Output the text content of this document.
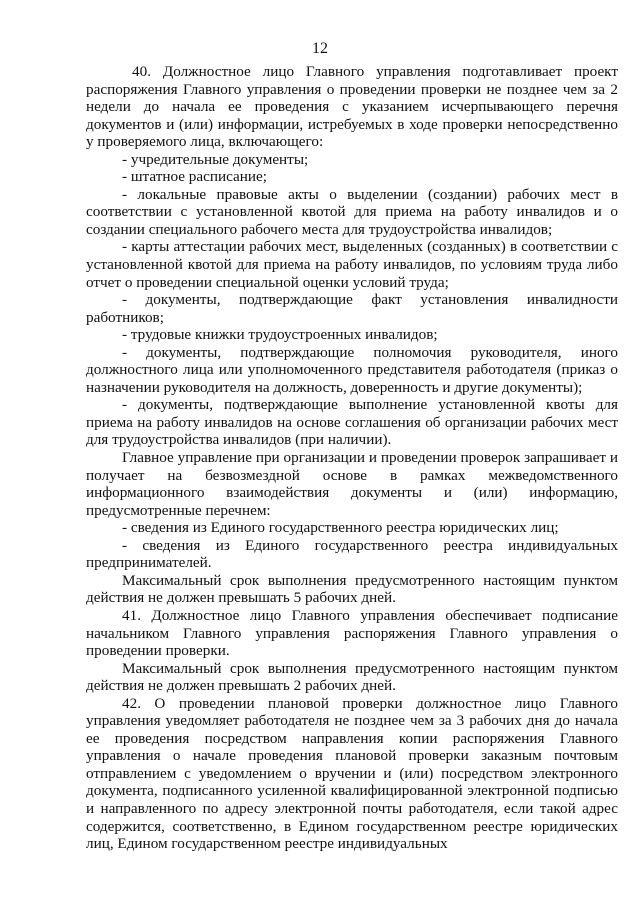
12

40. Должностное лицо Главного управления подготавливает проект распоряжения Главного управления о проведении проверки не позднее чем за 2 недели до начала ее проведения с указанием исчерпывающего перечня документов и (или) информации, истребуемых в ходе проверки непосредственно у проверяемого лица, включающего:

- учредительные документы;

- штатное расписание;

- локальные правовые акты о выделении (создании) рабочих мест в соответствии с установленной квотой для приема на работу инвалидов и о создании специального рабочего места для трудоустройства инвалидов;

- карты аттестации рабочих мест, выделенных (созданных) в соответствии с установленной квотой для приема на работу инвалидов, по условиям труда либо отчет о проведении специальной оценки условий труда;

- документы, подтверждающие факт установления инвалидности работников;

- трудовые книжки трудоустроенных инвалидов;

- документы, подтверждающие полномочия руководителя, иного должностного лица или уполномоченного представителя работодателя (приказ о назначении руководителя на должность, доверенность и другие документы);

- документы, подтверждающие выполнение установленной квоты для приема на работу инвалидов на основе соглашения об организации рабочих мест для трудоустройства инвалидов (при наличии).

Главное управление при организации и проведении проверок запрашивает и получает на безвозмездной основе в рамках межведомственного информационного взаимодействия документы и (или) информацию, предусмотренные перечнем:

- сведения из Единого государственного реестра юридических лиц;

- сведения из Единого государственного реестра индивидуальных предпринимателей.

Максимальный срок выполнения предусмотренного настоящим пунктом действия не должен превышать 5 рабочих дней.

41. Должностное лицо Главного управления обеспечивает подписание начальником Главного управления распоряжения Главного управления о проведении проверки.

Максимальный срок выполнения предусмотренного настоящим пунктом действия не должен превышать 2 рабочих дней.

42. О проведении плановой проверки должностное лицо Главного управления уведомляет работодателя не позднее чем за 3 рабочих дня до начала ее проведения посредством направления копии распоряжения Главного управления о начале проведения плановой проверки заказным почтовым отправлением с уведомлением о вручении и (или) посредством электронного документа, подписанного усиленной квалифицированной электронной подписью и направленного по адресу электронной почты работодателя, если такой адрес содержится, соответственно, в Едином государственном реестре юридических лиц, Едином государственном реестре индивидуальных
